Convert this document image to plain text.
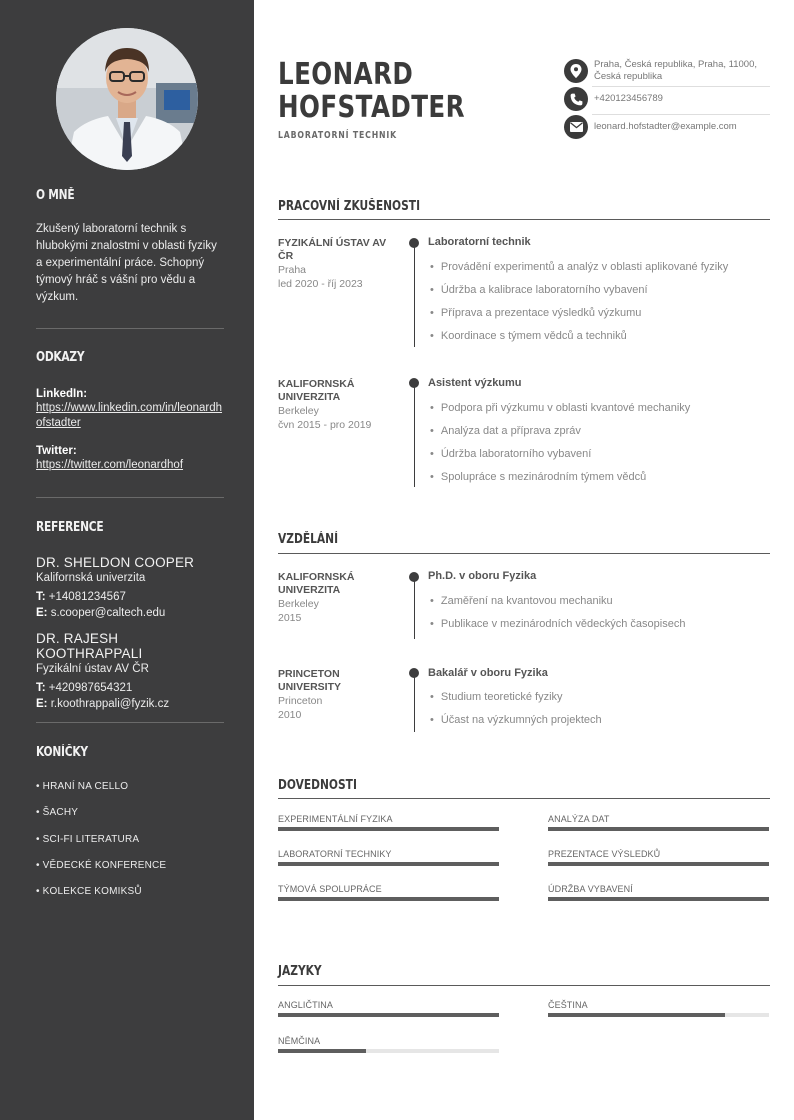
O MNĚ
Zkušený laboratorní technik s hlubokými znalostmi v oblasti fyziky a experimentální práce. Schopný týmový hráč s vášní pro vědu a výzkum.
ODKAZY
LinkedIn:
https://www.linkedin.com/in/leonardhofstadter
Twitter:
https://twitter.com/leonardhof
REFERENCE
DR. SHELDON COOPER
Kalifornská univerzita
T: +14081234567
E: s.cooper@caltech.edu
DR. RAJESH KOOTHRAPPALI
Fyzikální ústav AV ČR
T: +420987654321
E: r.koothrappali@fyzik.cz
KONÍČKY
• HRANÍ NA CELLO
• ŠACHY
• SCI-FI LITERATURA
• VĚDECKÉ KONFERENCE
• KOLEKCE KOMIKSŮ
LEONARD
HOFSTADTER
LABORATORNÍ TECHNIK
Praha, Česká republika, Praha, 11000,
Česká republika
+420123456789
leonard.hofstadter@example.com
PRACOVNÍ ZKUŠENOSTI
FYZIKÁLNÍ ÚSTAV AV ČR
Praha
led 2020 - říj 2023
Laboratorní technik
• Provádění experimentů a analýz v oblasti aplikované fyziky
• Údržba a kalibrace laboratorního vybavení
• Příprava a prezentace výsledků výzkumu
• Koordinace s týmem vědců a techniků
KALIFORNSKÁ UNIVERZITA
Berkeley
čvn 2015 - pro 2019
Asistent výzkumu
• Podpora při výzkumu v oblasti kvantové mechaniky
• Analýza dat a příprava zpráv
• Údržba laboratorního vybavení
• Spolupráce s mezinárodním týmem vědců
VZDĚLÁNÍ
KALIFORNSKÁ UNIVERZITA
Berkeley
2015
Ph.D. v oboru Fyzika
• Zaměření na kvantovou mechaniku
• Publikace v mezinárodních vědeckých časopisech
PRINCETON UNIVERSITY
Princeton
2010
Bakalář v oboru Fyzika
• Studium teoretické fyziky
• Účast na výzkumných projektech
DOVEDNOSTI
EXPERIMENTÁLNÍ FYZIKA	ANALÝZA DAT
LABORATORNÍ TECHNIKY	PREZENTACE VÝSLEDKŮ
TÝMOVÁ SPOLUPRÁCE	ÚDRŽBA VYBAVENÍ
JAZYKY
ANGLIČTINA	ČEŠTINA
NĚMČINA
